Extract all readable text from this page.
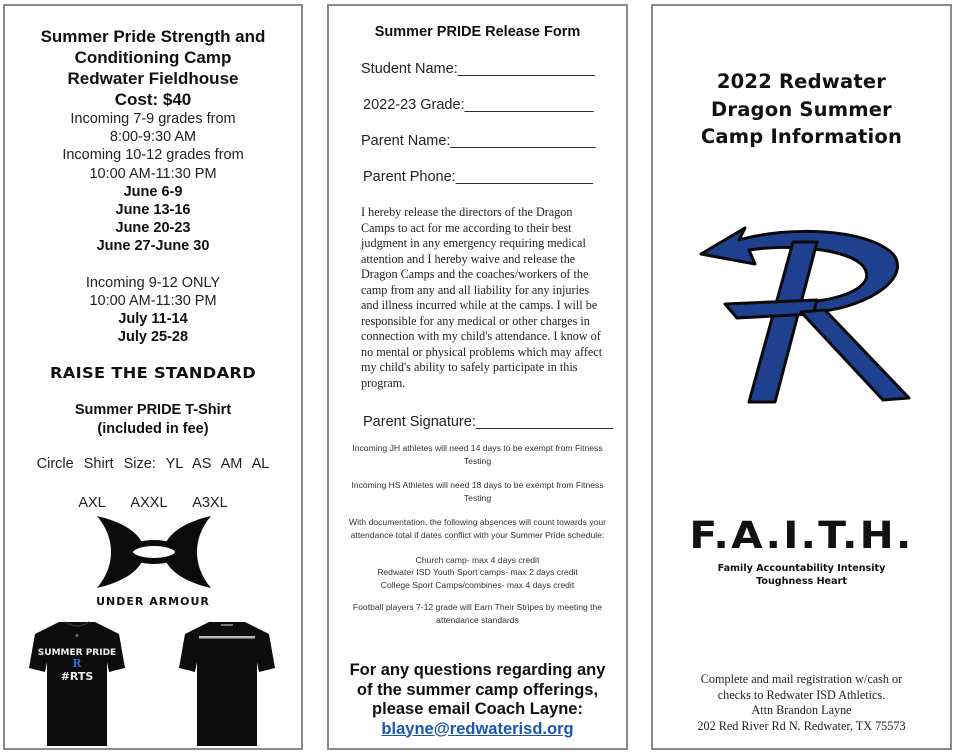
Summer Pride Strength and
Conditioning Camp
Redwater Fieldhouse
Cost: $40
Incoming 7-9 grades from
8:00-9:30 AM
Incoming 10-12 grades from
10:00 AM-11:30 PM
June 6-9
June 13-16
June 20-23
June 27-June 30
Incoming 9-12 ONLY
10:00 AM-11:30 PM
July 11-14
July 25-28
RAISE THE STANDARD
Summer PRIDE T-Shirt
(included in fee)
Circle Shirt Size: YL AS AM AL
AXL AXXL A3XL
UNDER ARMOUR
⨯
SUMMER PRIDE
R
#RTS
Summer PRIDE Release Form
Student Name:_________________
2022-23 Grade:________________
Parent Name:__________________
Parent Phone:_________________
I hereby release the directors of the Dragon Camps to act for me according to their best judgment in any emergency requiring medical attention and I hereby waive and release the Dragon Camps and the coaches/workers of the camp from any and all liability for any injuries and illness incurred while at the camps. I will be responsible for any medical or other charges in connection with my child's attendance. I know of no mental or physical problems which may affect my child's ability to safely participate in this program.
Parent Signature:_________________

Incoming JH athletes will need 14 days to be exempt from Fitness Testing

Incoming HS Athletes will need 18 days to be exempt from Fitness Testing

With documentation, the following absences will count towards your attendance total if dates conflict with your Summer Pride schedule:

Church camp- max 4 days credit
Redwater ISD Youth Sport camps- max 2 days credit
College Sport Camps/combines- max 4 days credit

Football players 7-12 grade will Earn Their Stripes by meeting the attendance standards

For any questions regarding any
of the summer camp offerings,
please email Coach Layne:
blayne@redwaterisd.org
2022 Redwater
Dragon Summer
Camp Information
F.A.I.T.H.
Family Accountability Intensity
Toughness Heart
Complete and mail registration w/cash or
checks to Redwater ISD Athletics.
Attn Brandon Layne
202 Red River Rd N. Redwater, TX 75573
